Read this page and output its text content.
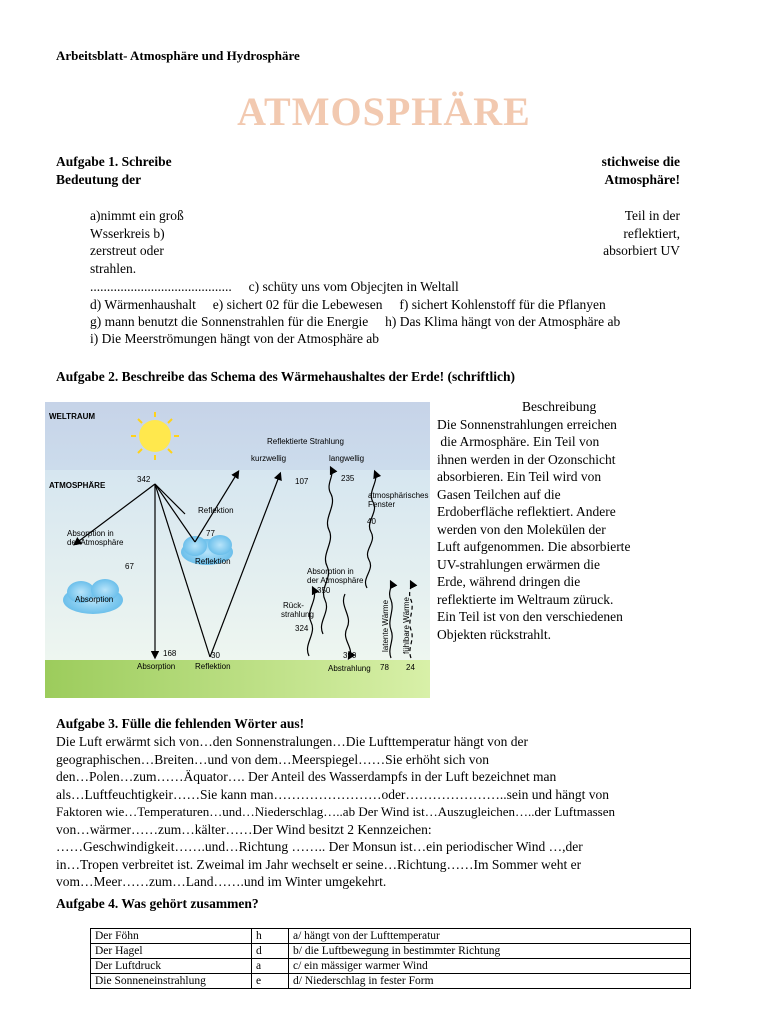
Arbeitsblatt- Atmosphäre und Hydrosphäre
ATMOSPHÄRE
Aufgabe 1. Schreibe
Bedeutung der
stichweise die
Atmosphäre!
a)nimmt ein groß
Wsserkreis b)
zerstreut oder
strahlen.
Teil in der
reflektiert,
absorbiert UV
..........................................     c) schüty uns vom Objecjten in Weltall
d) Wärmenhaushalt     e) sichert 02 für die Lebewesen     f) sichert Kohlenstoff für die Pflanyen
g) mann benutzt die Sonnenstrahlen für die Energie     h) Das Klima hängt von der Atmosphäre ab
i) Die Meerströmungen hängt von der Atmosphäre ab
Aufgabe 2. Beschreibe das Schema des Wärmehaushaltes der Erde! (schriftlich)
WELTRAUM
ATMOSPHÄRE
Reflektierte Strahlung
kurzwellig	langwellig
342	107	235
atmosphärisches
Fenster
40
Reflektion
77
Absorption in
der Atmosphäre
Reflektion
67
Absorption
Absorption in
der Atmosphäre
350
Rück-
strahlung
324	latente Wärme fühlbare Wärme
168	30	390
78 24
Absorption Reflektion	Abstrahlung
Beschreibung
Die Sonnenstrahlungen erreichen
die Armosphäre. Ein Teil von
ihnen werden in der Ozonschicht
absorbieren. Ein Teil wird von
Gasen Teilchen auf die
Erdoberfläche reflektiert. Andere
werden von den Molekülen der
Luft aufgenommen. Die absorbierte
UV-strahlungen erwärmen die
Erde, während dringen die
reflektierte im Weltraum züruck.
Ein Teil ist von den verschiedenen
Objekten rückstrahlt.
Aufgabe 3. Fülle die fehlenden Wörter aus!
Die Luft erwärmt sich von…den Sonnenstralungen…Die Lufttemperatur hängt von der
geographischen…Breiten…und von dem…Meerspiegel……Sie erhöht sich von
den…Polen…zum……Äquator…. Der Anteil des Wasserdampfs in der Luft bezeichnet man
als…Luftfeuchtigkeir……Sie kann man……………………oder…………………..sein und hängt von
Faktoren wie…Temperaturen…und…Niederschlag…..ab Der Wind ist…Auszugleichen…..der Luftmassen
von…wärmer……zum…kälter……Der Wind besitzt 2 Kennzeichen:
……Geschwindigkeit…….und…Richtung …….. Der Monsun ist…ein periodischer Wind …,der
in…Tropen verbreitet ist. Zweimal im Jahr wechselt er seine…Richtung……Im Sommer weht er
vom…Meer……zum…Land…….und im Winter umgekehrt.
Aufgabe 4. Was gehört zusammen?
Der Föhn	h	a/ hängt von der Lufttemperatur
Der Hagel	d	b/ die Luftbewegung in bestimmter Richtung
Der Luftdruck	a	c/ ein mässiger warmer Wind
Die Sonneneinstrahlung	e	d/ Niederschlag in fester Form
